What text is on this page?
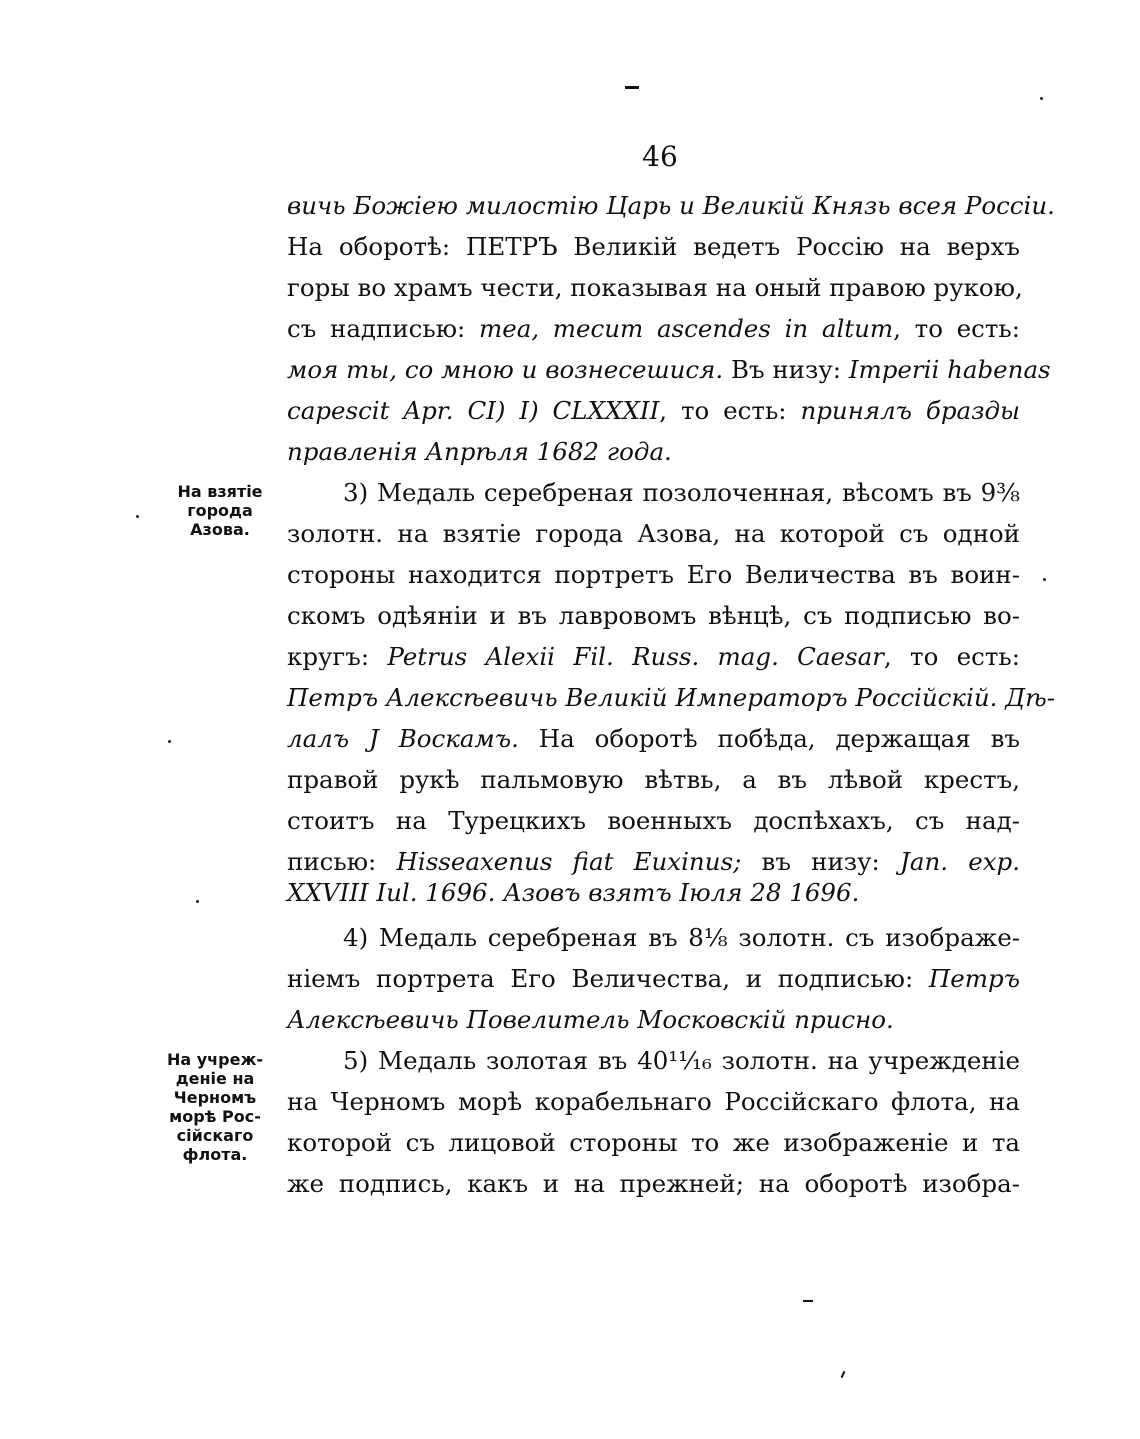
46
вичь Божіею милостію Царь и Великій Князь всея Россіи.
На оборотѣ: ПЕТРЪ Великій ведетъ Россію на верхъ
горы во храмъ чести, показывая на оный правою рукою,
съ надписью: mea, mecum ascendes in altum, то есть:
моя ты, со мною и вознесешися. Въ низу: Imperii habenas
capescit Apr. CI) I) CLXXXII, то есть: принялъ бразды
правленія Апрѣля 1682 года.
3) Медаль серебреная позолоченная, вѣсомъ въ 9⅜
золотн. на взятіе города Азова, на которой съ одной
стороны находится портретъ Его Величества въ воин-
скомъ одѣяніи и въ лавровомъ вѣнцѣ, съ подписью во-
кругъ: Petrus Alexii Fil. Russ. mag. Caesar, то есть:
Петръ Алексѣевичь Великій Императоръ Россійскій. Дѣ-
лалъ J Воскамъ. На оборотѣ побѣда, держащая въ
правой рукѣ пальмовую вѣтвь, а въ лѣвой крестъ,
стоитъ на Турецкихъ военныхъ доспѣхахъ, съ над-
писью: Hisseaxenus fiat Euxinus; въ низу: Jan. exp.
XXVIII Iul. 1696. Азовъ взятъ Іюля 28 1696.
4) Медаль серебреная въ 8⅛ золотн. съ изображе-
ніемъ портрета Его Величества, и подписью: Петръ
Алексѣевичь Повелитель Московскій присно.
5) Медаль золотая въ 40¹¹⁄₁₆ золотн. на учрежденіе
на Черномъ морѣ корабельнаго Россійскаго флота, на
которой съ лицовой стороны то же изображеніе и та
же подпись, какъ и на прежней; на оборотѣ изобра-
На взятіе
города
Азова.
На учреж-
деніе на
Черномъ
морѣ Рос-
сійскаго
флота.
